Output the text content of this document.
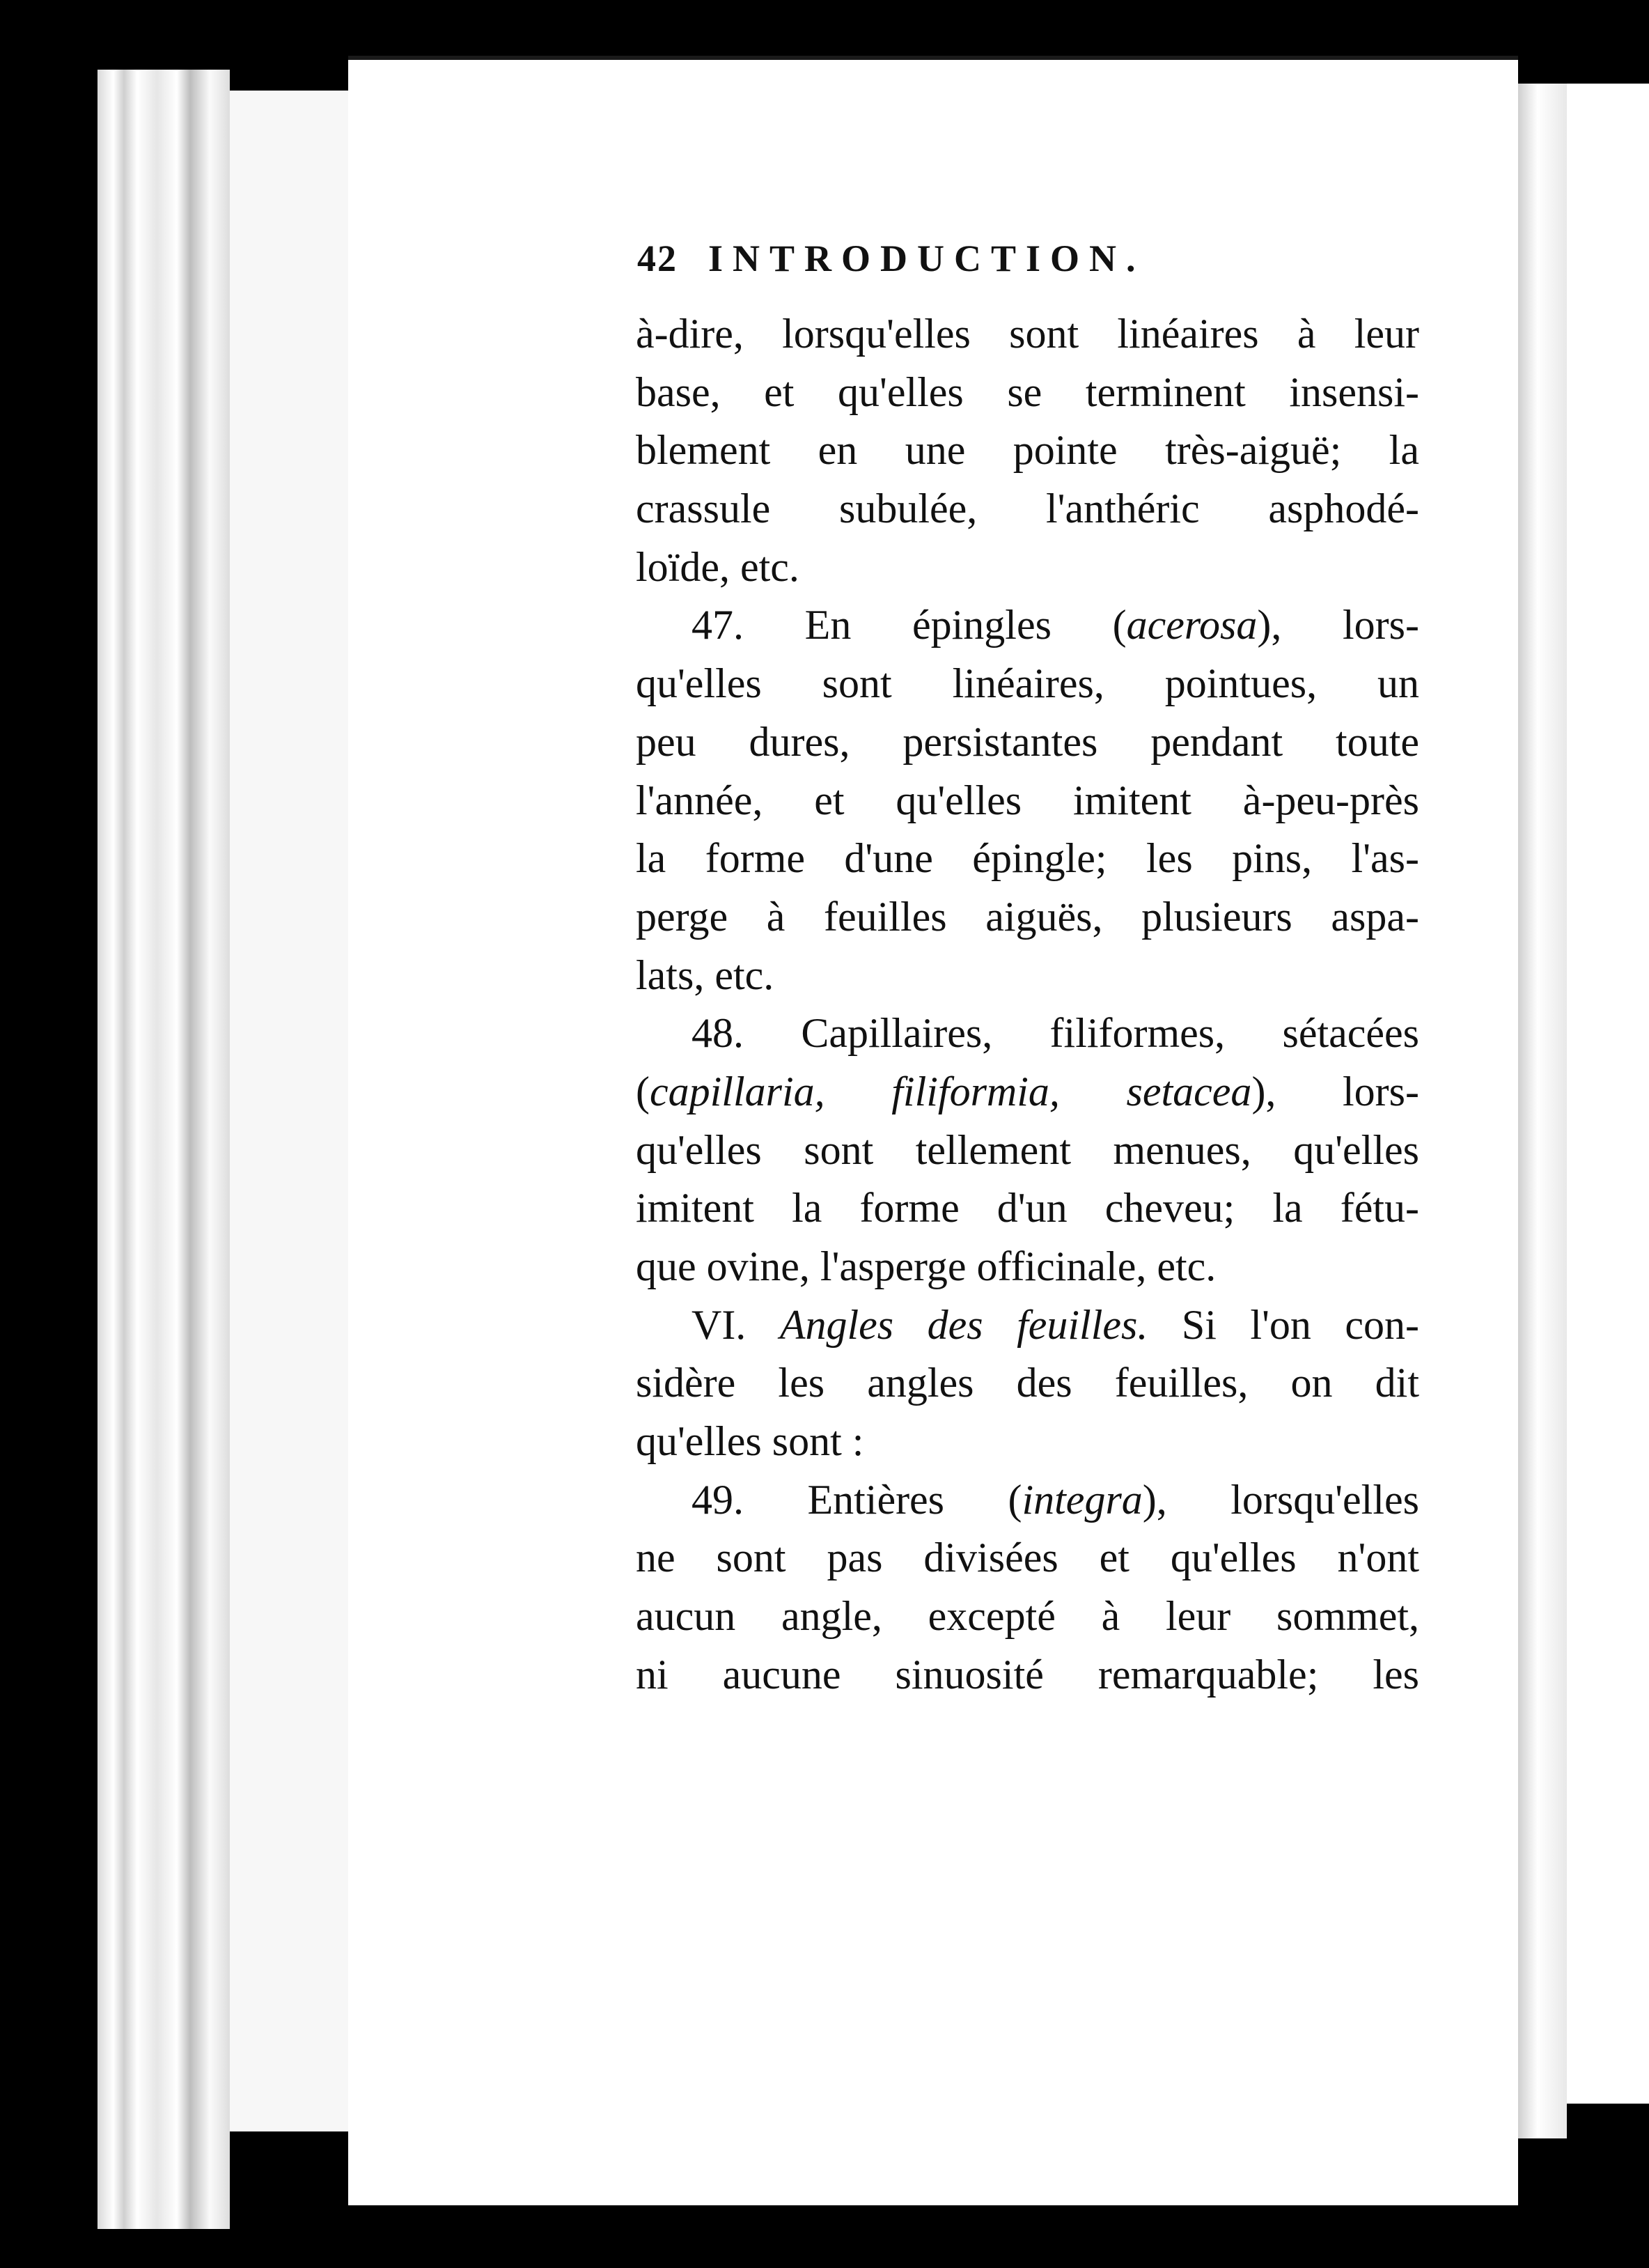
42 INTRODUCTION.
à-dire, lorsqu'elles sont linéaires à leur
base, et qu'elles se terminent insensi-
blement en une pointe très-aiguë; la
crassule subulée, l'anthéric asphodé-
loïde, etc.
47. En épingles (acerosa), lors-
qu'elles sont linéaires, pointues, un
peu dures, persistantes pendant toute
l'année, et qu'elles imitent à-peu-près
la forme d'une épingle; les pins, l'as-
perge à feuilles aiguës, plusieurs aspa-
lats, etc.
48. Capillaires, filiformes, sétacées
(capillaria, filiformia, setacea), lors-
qu'elles sont tellement menues, qu'elles
imitent la forme d'un cheveu; la fétu-
que ovine, l'asperge officinale, etc.
VI. Angles des feuilles. Si l'on con-
sidère les angles des feuilles, on dit
qu'elles sont :
49. Entières (integra), lorsqu'elles
ne sont pas divisées et qu'elles n'ont
aucun angle, excepté à leur sommet,
ni aucune sinuosité remarquable; les
